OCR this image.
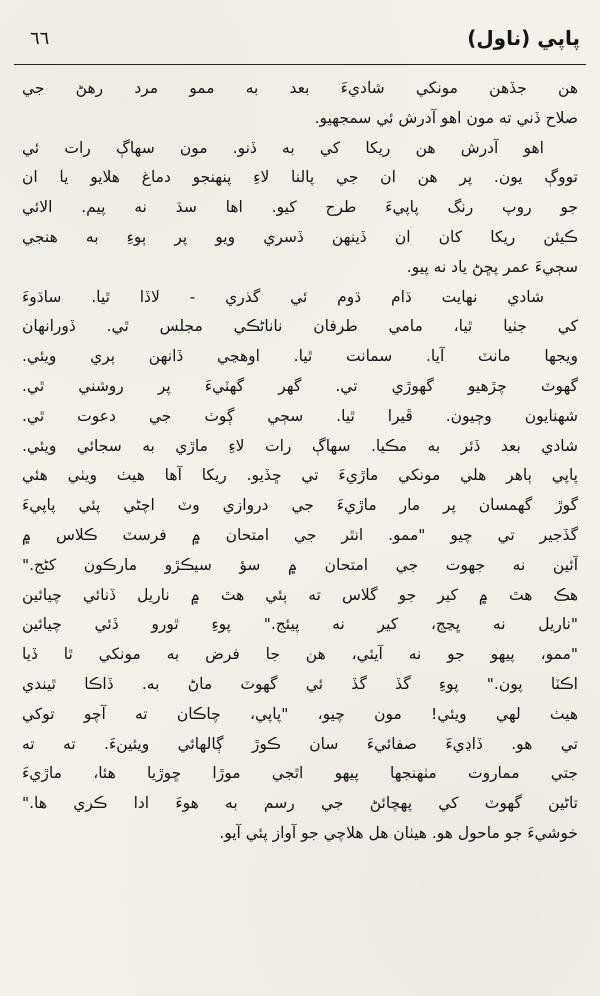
٦٦	پاپي (ناول)
هن جڏهن مونکي شاديءَ بعد به ممو مرد رهڻ جي
صلاح ڏني ته مون اهو آدرش ئي سمجهيو.
اهو آدرش هن ريکا کي به ڏنو. مون سهاڳ رات ئي
تووڳ يون. پر هن ان جي پالنا لاءِ پنهنجو دماغ هلايو يا ان
جو روپ رنگ پاپيءَ طرح کيو. اها سڌ نه پيم. الائي
ڪيئن ريکا کان ان ڏينهن ڏسري ويو پر ٻوءِ به هنجي
سڄيءَ عمر پڇڻ ياد نه پيو.
شادي نهايت ڌام ڌوم ئي گذري - لاڏا ٿيا. ساڌوءَ
کي جٺيا ٿيا، مامي طرفان ناناڻڪي مجلس ٿي. ڏورانهان
ويجها مانٽ آيا. سمانت ٿيا. اوهڃي ڏانهن ٻري ويئي.
گهوٽ چڙهيو گهوڙي تي. گهر گهٽيءَ پر روشني ٿي.
شهنايون وڄيون. ڦيرا ٿيا. سڄي ڳوٺ جي دعوت ٿي.
شادي بعد ڏئر به مڪيا. سهاڳ رات لاءِ ماڙي به سجائي ويئي.
پاپي ٻاهر هلي مونکي ماڙيءَ تي ڇڏيو. ريکا آها هيٺ ويٺي هئي
گوڙ گهمسان پر مار ماڙيءَ جي دروازي وٽ اچڻي پئي پاپيءَ
گڏجير تي چيو "ممو. انٿر جي امتحان ۾ فرسٽ ڪلاس ۾
آئين نه جهوت جي امتحان ۾ سؤ سيڪڙو مارڪون کڻج."
هڪ هٿ ۾ کير جو گلاس ته ٻئي هٿ ۾ ناريل ڏنائي چيائين
"ناريل نه ڀڃج، کير نه پيئج." پوءِ ٿورو ڏئي چيائين
"ممو، پيهو جو نه آيئي، هن جا فرض به مونکي ٿا ڏيا
اڪٽا پون." پوءِ گڏ گڏ ئي گهوٽ ماڻ به. ڏاڪا ٿيندي
هيٺ لهي ويئي! مون چيو، "پاپي، چاڪان ته آچو توکي
تي هو. ڏاڍيءَ صفائيءَ سان ڪوڙ ڳالهائي ويئينءَ. ته ته
جتي مماروت مٺهنجها پيهو اٿجي موڙا ڇوڙيا هئا، ماڙيءَ
تاڻين گهوٽ کي پهچائڻ جي رسم به هوءَ ادا ڪري ها."
خوشيءَ جو ماحول هو. هيٺان هل هلاچي جو آواز پئي آيو.
